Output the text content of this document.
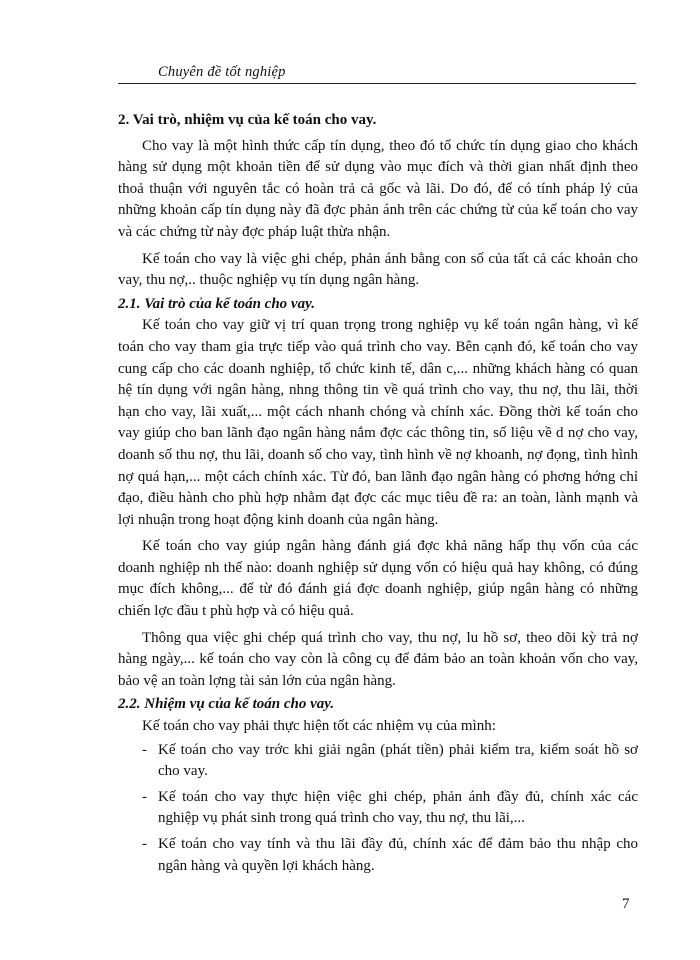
Chuyên đề tốt nghiệp
2. Vai trò, nhiệm vụ của kế toán cho vay.

Cho vay là một hình thức cấp tín dụng, theo đó tổ chức tín dụng giao cho khách hàng sử dụng một khoản tiền để sử dụng vào mục đích và thời gian nhất định theo thoả thuận với nguyên tắc có hoàn trả cả gốc và lãi. Do đó, để có tính pháp lý của những khoản cấp tín dụng này đã đợc phản ánh trên các chứng từ của kế toán cho vay và các chứng từ này đợc pháp luật thừa nhận.

Kế toán cho vay là việc ghi chép, phản ánh bằng con số của tất cả các khoản cho vay, thu nợ,.. thuộc nghiệp vụ tín dụng ngân hàng.

2.1. Vai trò của kế toán cho vay.

Kế toán cho vay giữ vị trí quan trọng trong nghiệp vụ kế toán ngân hàng, vì kế toán cho vay tham gia trực tiếp vào quá trình cho vay. Bên cạnh đó, kế toán cho vay cung cấp cho các doanh nghiệp, tổ chức kinh tế, dân c,... những khách hàng có quan hệ tín dụng với ngân hàng, nhng thông tin về quá trình cho vay, thu nợ, thu lãi, thời hạn cho vay, lãi xuất,... một cách nhanh chóng và chính xác. Đồng thời kế toán cho vay giúp cho ban lãnh đạo ngân hàng nắm đợc các thông tin, số liệu về d nợ cho vay, doanh số thu nợ, thu lãi, doanh số cho vay, tình hình về nợ khoanh, nợ đọng, tình hình nợ quá hạn,... một cách chính xác. Từ đó, ban lãnh đạo ngân hàng có phơng hớng chỉ đạo, điều hành cho phù hợp nhằm đạt đợc các mục tiêu đề ra: an toàn, lành mạnh và lợi nhuận trong hoạt động kinh doanh của ngân hàng.

Kế toán cho vay giúp ngân hàng đánh giá đợc khả năng hấp thụ vốn của các doanh nghiệp nh thế nào: doanh nghiệp sử dụng vốn có hiệu quả hay không, có đúng mục đích không,... để từ đó đánh giá đợc doanh nghiệp, giúp ngân hàng có những chiến lợc đầu t phù hợp và có hiệu quả.

Thông qua việc ghi chép quá trình cho vay, thu nợ, lu hồ sơ, theo dõi kỳ trả nợ hàng ngày,... kế toán cho vay còn là công cụ để đảm bảo an toàn khoản vốn cho vay, bảo vệ an toàn lợng tài sản lớn của ngân hàng.

2.2. Nhiệm vụ của kế toán cho vay.
Kế toán cho vay phải thực hiện tốt các nhiệm vụ của mình:
- Kế toán cho vay trớc khi giải ngân (phát tiền) phải kiểm tra, kiểm soát hồ sơ cho vay.
- Kế toán cho vay thực hiện việc ghi chép, phản ánh đầy đủ, chính xác các nghiệp vụ phát sinh trong quá trình cho vay, thu nợ, thu lãi,...
- Kế toán cho vay tính và thu lãi đầy đủ, chính xác để đảm bảo thu nhập cho ngân hàng và quyền lợi khách hàng.
7
